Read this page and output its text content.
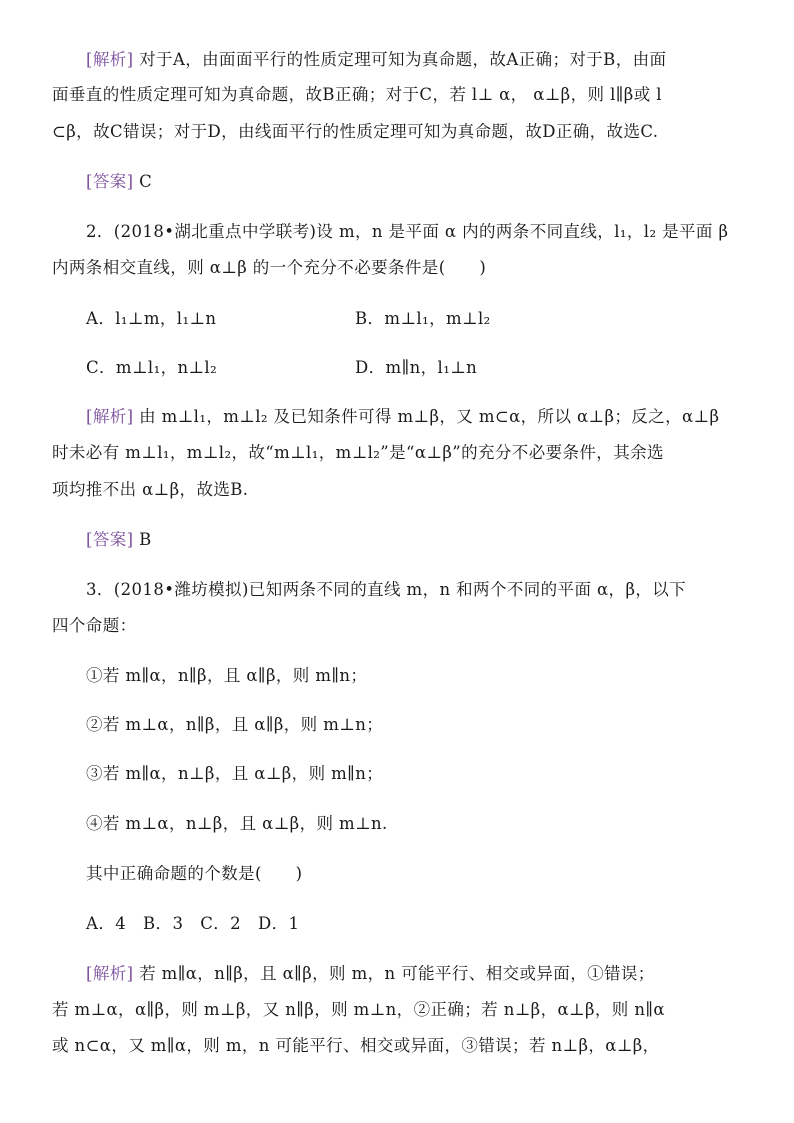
[解析] 对于A，由面面平行的性质定理可知为真命题，故A正确；对于B，由面
面垂直的性质定理可知为真命题，故B正确；对于C，若 l⊥ α， α⊥β，则 l∥β或 l
⊂β，故C错误；对于D，由线面平行的性质定理可知为真命题，故D正确，故选C.
[答案] C
2．(2018•湖北重点中学联考)设 m，n 是平面 α 内的两条不同直线，l₁，l₂ 是平面 β
内两条相交直线，则 α⊥β 的一个充分不必要条件是(　　)
A．l₁⊥m，l₁⊥n	B．m⊥l₁，m⊥l₂
C．m⊥l₁，n⊥l₂	D．m∥n，l₁⊥n
[解析] 由 m⊥l₁，m⊥l₂ 及已知条件可得 m⊥β，又 m⊂α，所以 α⊥β；反之，α⊥β
时未必有 m⊥l₁，m⊥l₂，故“m⊥l₁，m⊥l₂”是“α⊥β”的充分不必要条件，其余选
项均推不出 α⊥β，故选B.
[答案] B
3．(2018•潍坊模拟)已知两条不同的直线 m，n 和两个不同的平面 α，β，以下
四个命题：
①若 m∥α，n∥β，且 α∥β，则 m∥n；
②若 m⊥α，n∥β，且 α∥β，则 m⊥n；
③若 m∥α，n⊥β，且 α⊥β，则 m∥n；
④若 m⊥α，n⊥β，且 α⊥β，则 m⊥n.
其中正确命题的个数是(　　)
A．4　B．3　C．2　D．1
[解析] 若 m∥α，n∥β，且 α∥β，则 m，n 可能平行、相交或异面，①错误；
若 m⊥α，α∥β，则 m⊥β，又 n∥β，则 m⊥n，②正确；若 n⊥β，α⊥β，则 n∥α
或 n⊂α，又 m∥α，则 m，n 可能平行、相交或异面，③错误；若 n⊥β，α⊥β，
